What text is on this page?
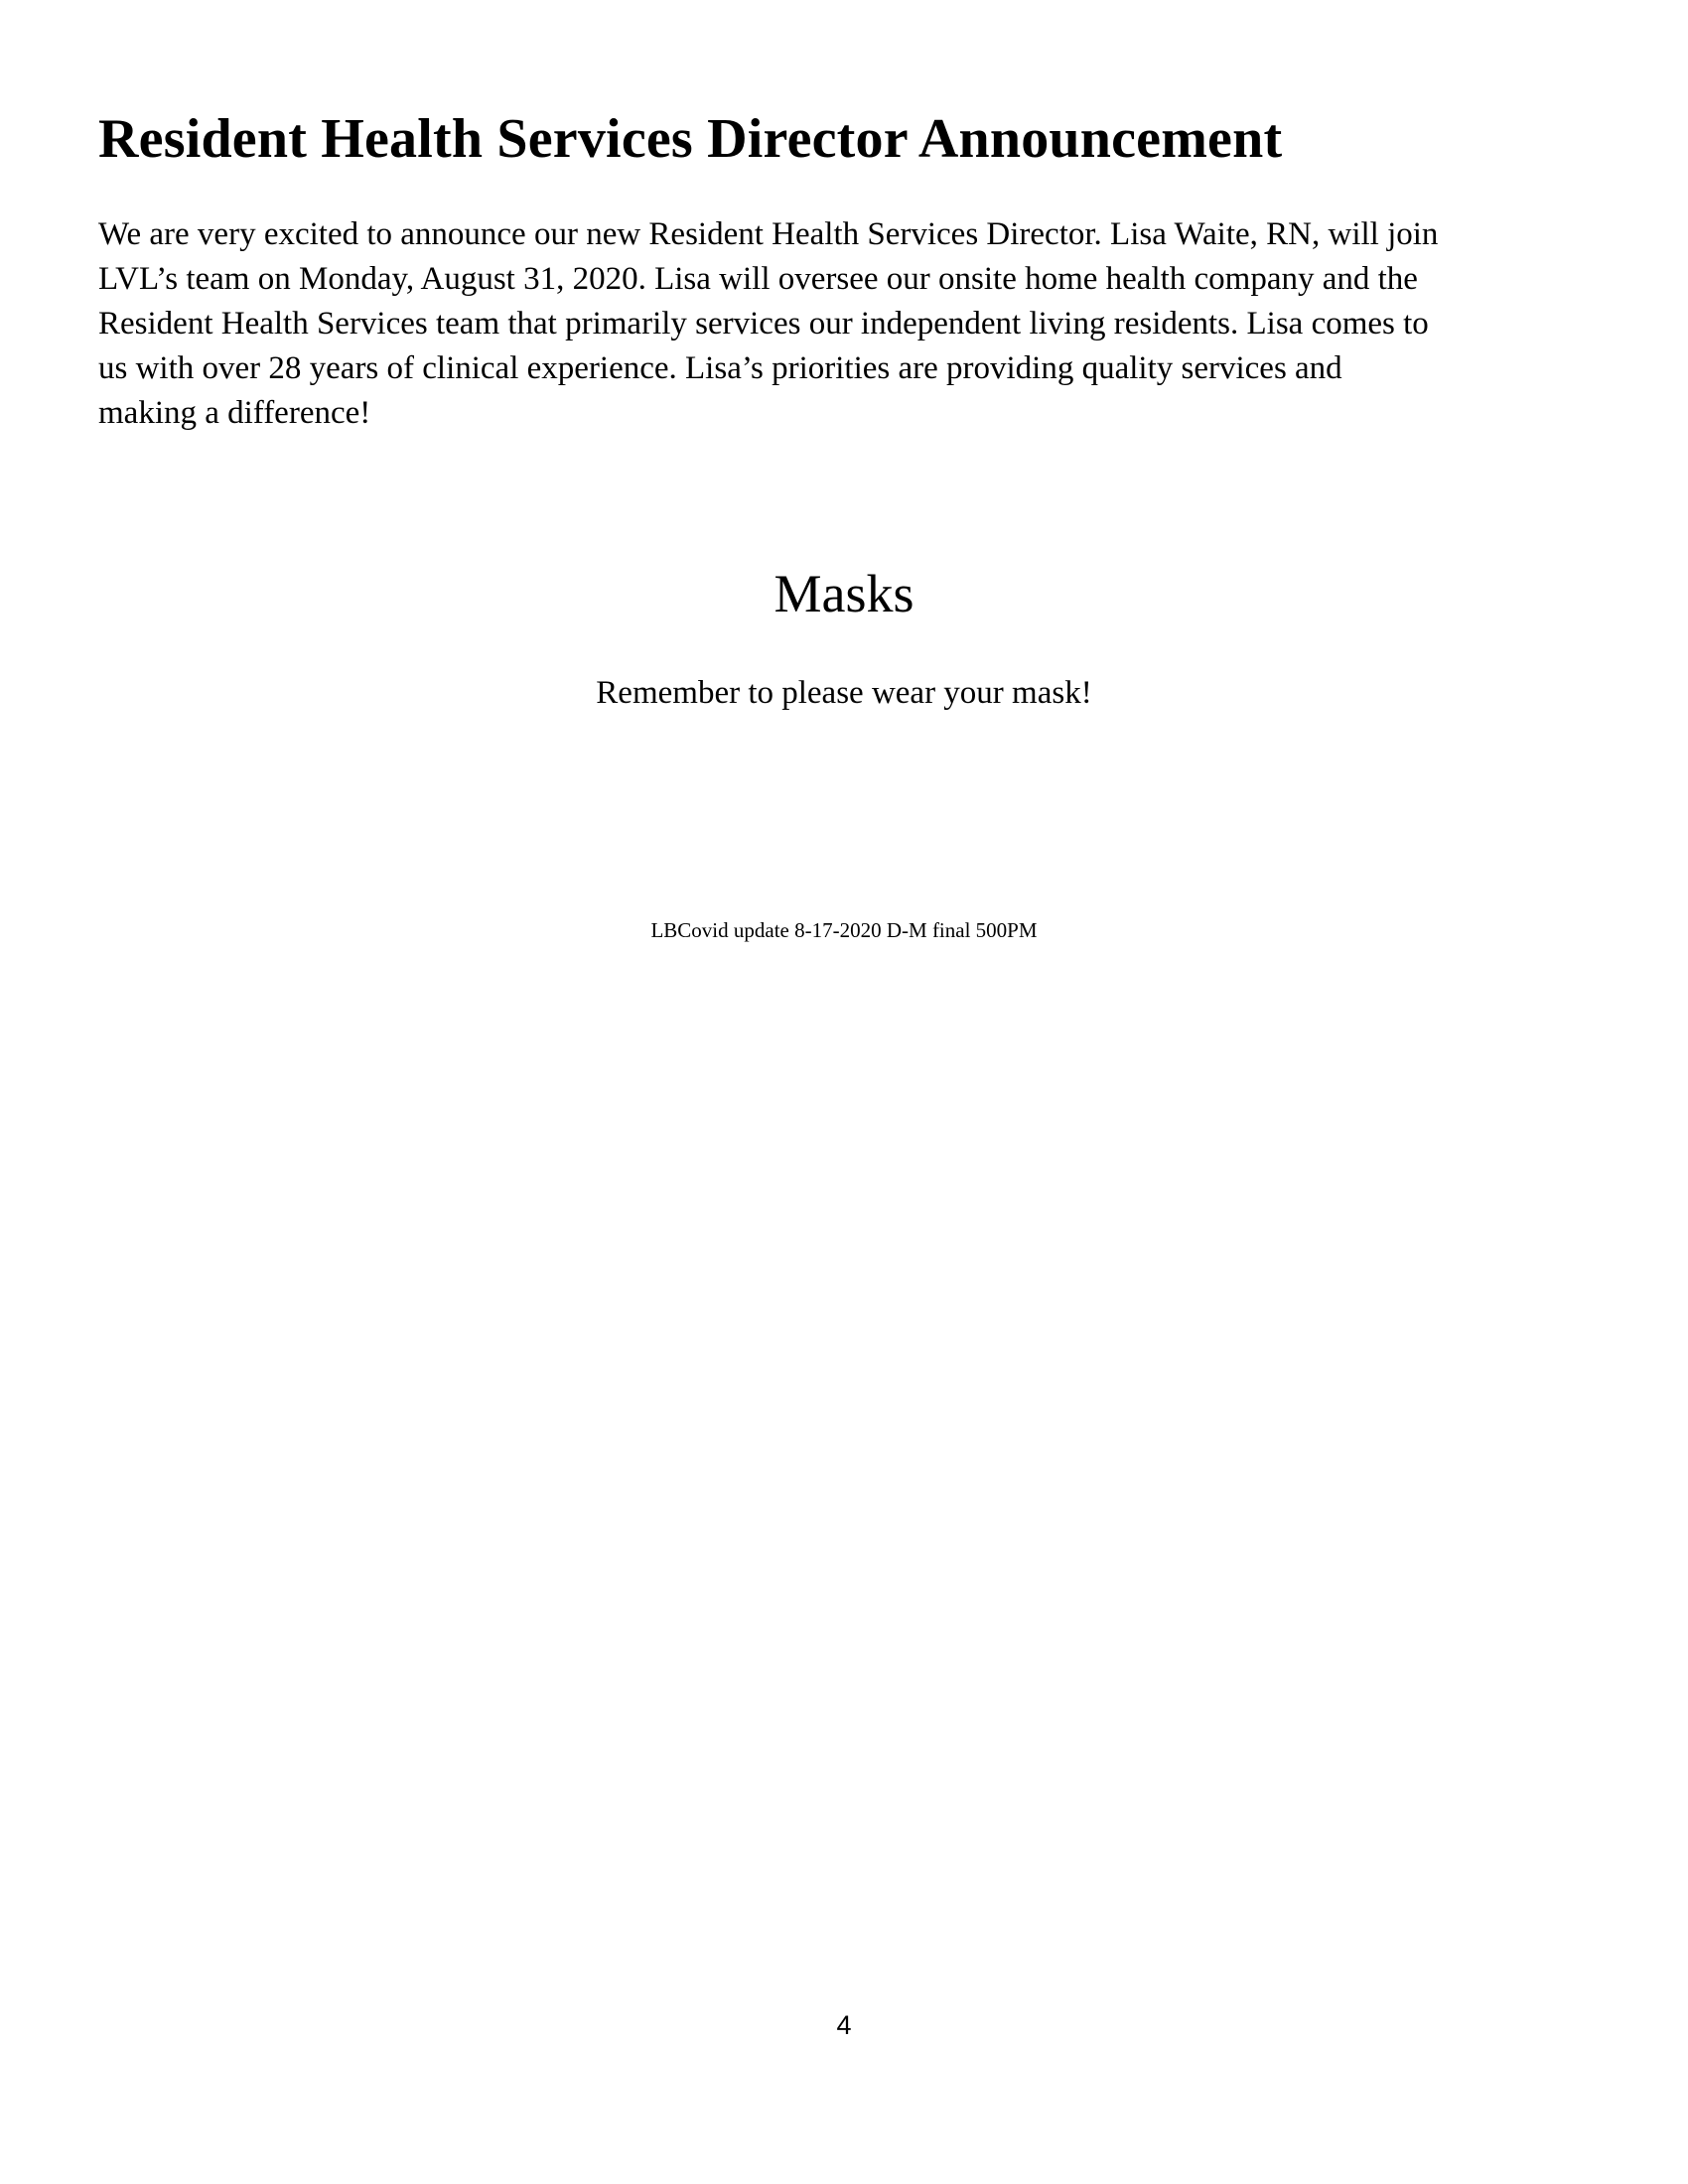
Resident Health Services Director Announcement

We are very excited to announce our new Resident Health Services Director. Lisa Waite, RN, will join
LVL’s team on Monday, August 31, 2020. Lisa will oversee our onsite home health company and the
Resident Health Services team that primarily services our independent living residents. Lisa comes to
us with over 28 years of clinical experience. Lisa’s priorities are providing quality services and
making a difference!

Masks

Remember to please wear your mask!

LBCovid update 8-17-2020 D-M final 500PM

4
